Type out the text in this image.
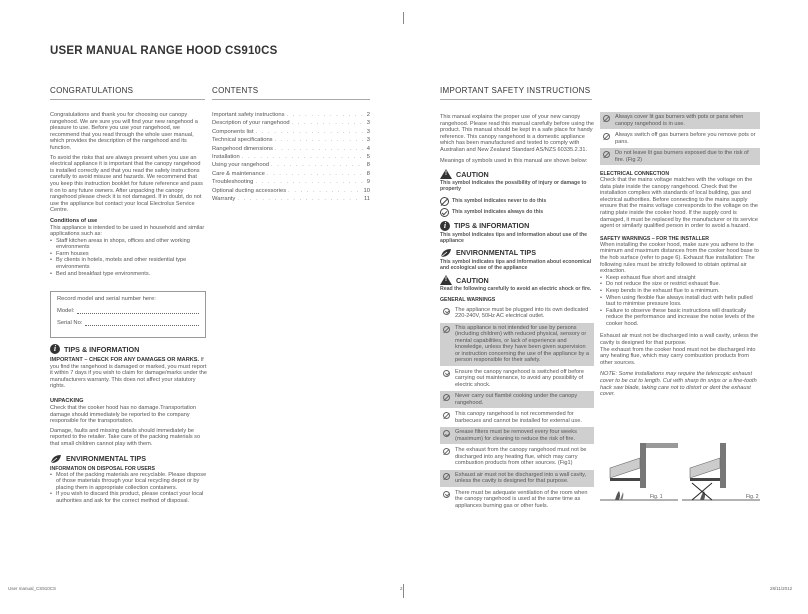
USER MANUAL RANGE HOOD CS910CS
CONGRATULATIONS

Congratulations and thank you for choosing our canopy rangehood. We are sure you will find your new rangehood a pleasure to use. Before you use your rangehood, we recommend that you read through the whole user manual, which provides the description of the rangehood and its function.

To avoid the risks that are always present when you use an electrical appliance it is important that the canopy rangehood is installed correctly and that you read the safety instructions carefully to avoid misuse and hazards. We recommend that you keep this instruction booklet for future reference and pass it on to any future owners. After unpacking the canopy rangehood please check it is not damaged. If in doubt, do not use the appliance but contact your local Electrolux Service Centre.

Conditions of use
This appliance is intended to be used in household and similar applications such as:
• Staff kitchen areas in shops, offices and other working environments
• Farm houses
• By clients in hotels, motels and other residential type environments
• Bed and breakfast type environments.
Record model and serial number here:
Model:
Serial No:
i	TIPS & INFORMATION
IMPORTANT – CHECK FOR ANY DAMAGES OR MARKS. If you find the rangehood is damaged or marked, you must report it within 7 days if you wish to claim for damage/marks under the manufacturers warranty. This does not affect your statutory rights.
UNPACKING

Check that the cooker hood has no damage.Transportation damage should immediately be reported to the company responsible for the transportation.

Damage, faults and missing details should immediately be reported to the retailer. Take care of the packing materials so that small children cannot play with them.

ENVIRONMENTAL TIPS
INFORMATION ON DISPOSAL FOR USERS
• Most of the packing materials are recyclable. Please dispose of those materials through your local recycling depot or by placing them in appropriate collection containers.
• If you wish to discard this product, please contact your local authorities and ask for the correct method of disposal.
CONTENTS
Important safety instructions . . .	2
Description of your rangehood . . .	3
Components list . . .	3
Technical specifications . . .	3
Rangehood dimensions . . .	4
Installation . . .	5
Using your rangehood . . .	8
Care & maintenance . . .	8
Troubleshooting . . .	9
Optional ducting accessories . . .	10
Warranty . . .	11
IMPORTANT SAFETY INSTRUCTIONS
This manual explains the proper use of your new canopy rangehood. Please read this manual carefully before using the product. This manual should be kept in a safe place for handy reference. This canopy rangehood is a domestic appliance which has been manufactured and tested to comply with Australian and New Zealand Standard AS/NZS 60335.2.31.
Meanings of symbols used in this manual are shown below:
! CAUTION
This symbol indicates the possibility of injury or damage to property
This symbol indicates never to do this
This symbol indicates always do this
i	TIPS & INFORMATION
This symbol indicates tips and information about use of the appliance
ENVIRONMENTAL TIPS
This symbol indicates tips and information about economical and ecological use of the appliance
! CAUTION
Read the following carefully to avoid an electric shock or fire.
GENERAL WARNINGS
The appliance must be plugged into its own dedicated 220-240V, 50Hz AC electrical outlet.
This appliance is not intended for use by persons (including children) with reduced physical, sensory or mental capabilities, or lack of experience and knowledge, unless they have been given supervision or instruction concerning the use of the appliance by a person responsible for their safety.
Ensure the canopy rangehood is switched off before carrying out maintenance, to avoid any possibility of electric shock.
Never carry out flambé cooking under the canopy rangehood.
This canopy rangehood is not recommended for barbecues and cannot be installed for external use.
Grease filters must be removed every four weeks (maximum) for cleaning to reduce the risk of fire.
The exhaust from the canopy rangehood must not be discharged into any heating flue, which may carry combustion products from other sources. (Fig1)
Exhaust air must not be discharged into a wall cavity, unless the cavity is designed for that purpose.
There must be adequate ventilation of the room when the canopy rangehood is used at the same time as appliances burning gas or other fuels.
Always cover lit gas burners with pots or pans when canopy rangehood is in use.
Always switch off gas burners before you remove pots or pans.
Do not leave lit gas burners exposed due to the risk of fire. (Fig 2)
ELECTRICAL CONNECTION
Check that the mains voltage matches with the voltage on the data plate inside the canopy rangehood. Check that the installation complies with standards of local building, gas and electrical authorities. Before connecting to the mains supply ensure that the mains voltage corresponds to the voltage on the rating plate inside the cooker hood. If the supply cord is damaged, it must be replaced by the manufacturer or its service agent or similarly qualified person in order to avoid a hazard.
SAFETY WARNINGS – FOR THE INSTALLER
When installing the cooker hood, make sure you adhere to the minimum and maximum distances from the cooker hood base to the hob surface (refer to page 6). Exhaust flue installation: The following rules must be strictly followed to obtain optimal air extraction.
• Keep exhaust flue short and straight
• Do not reduce the size or restrict exhaust flue.
• Keep bends in the exhaust flue to a minimum.
• When using flexible flue always install duct with helix pulled taut to minimise pressure loss.
• Failure to observe these basic instructions will drastically reduce the performance and increase the noise levels of the cooker hood.
Exhaust air must not be discharged into a wall cavity, unless the cavity is designed for that purpose.
The exhaust from the cooker hood must not be discharged into any heating flue, which may carry combustion products from other sources.
NOTE: Some installations may require the telescopic exhaust cover to be cut to length. Cut with sharp tin snips or a fine-tooth hack saw blade, taking care not to distort or dent the exhaust cover.
Fig. 1	Fig. 2
User manual_CS910CS	2	28/11/2012
